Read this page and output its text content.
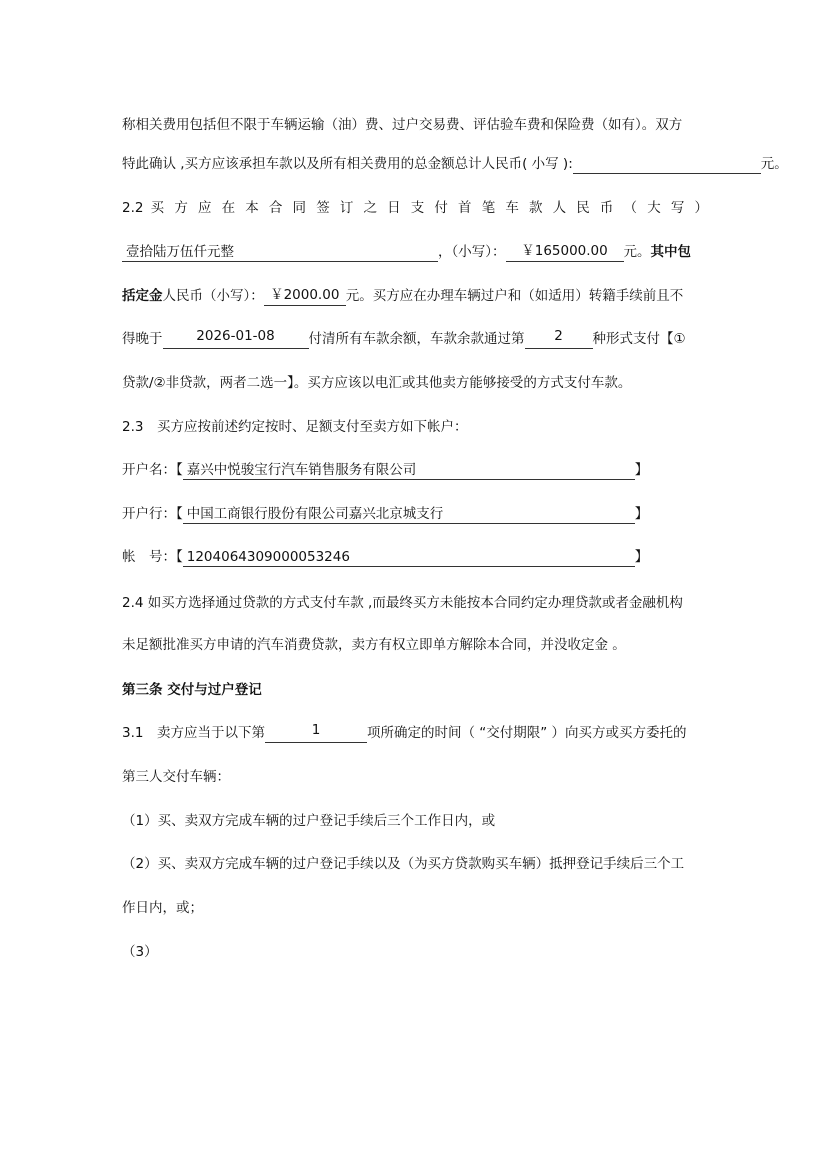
称相关费用包括但不限于车辆运输（油）费、过户交易费、评估验车费和保险费（如有）。双方
特此确认 ,买方应该承担车款以及所有相关费用的总金额总计人民币( 小写 ):	元。
2.2 买 方 应 在 本 合 同 签 订 之 日 支 付 首 笔 车 款 人 民 币 （ 大 写 ）
壹拾陆万伍仟元整	，（小写）： ￥165000.00 元。其中包
括定金人民币（小写）： ￥2000.00 元。买方应在办理车辆过户和（如适用）转籍手续前且不
得晚于	2026-01-08	付清所有车款余额，车款余款通过第 2 种形式支付【①
贷款/②非贷款，两者二选一】。买方应该以电汇或其他卖方能够接受的方式支付车款。
2.3　买方应按前述约定按时、足额支付至卖方如下帐户：
开户名：【 嘉兴中悦骏宝行汽车销售服务有限公司	】
开户行：【 中国工商银行股份有限公司嘉兴北京城支行	】
帐　号：【 1204064309000053246	】
2.4 如买方选择通过贷款的方式支付车款 ,而最终买方未能按本合同约定办理贷款或者金融机构
未足额批准买方申请的汽车消费贷款，卖方有权立即单方解除本合同，并没收定金 。
第三条 交付与过户登记
3.1　卖方应当于以下第	1	项所确定的时间（ “交付期限” ）向买方或买方委托的
第三人交付车辆：
（1）买、卖双方完成车辆的过户登记手续后三个工作日内，或
（2）买、卖双方完成车辆的过户登记手续以及（为买方贷款购买车辆）抵押登记手续后三个工
作日内，或；
（3）
